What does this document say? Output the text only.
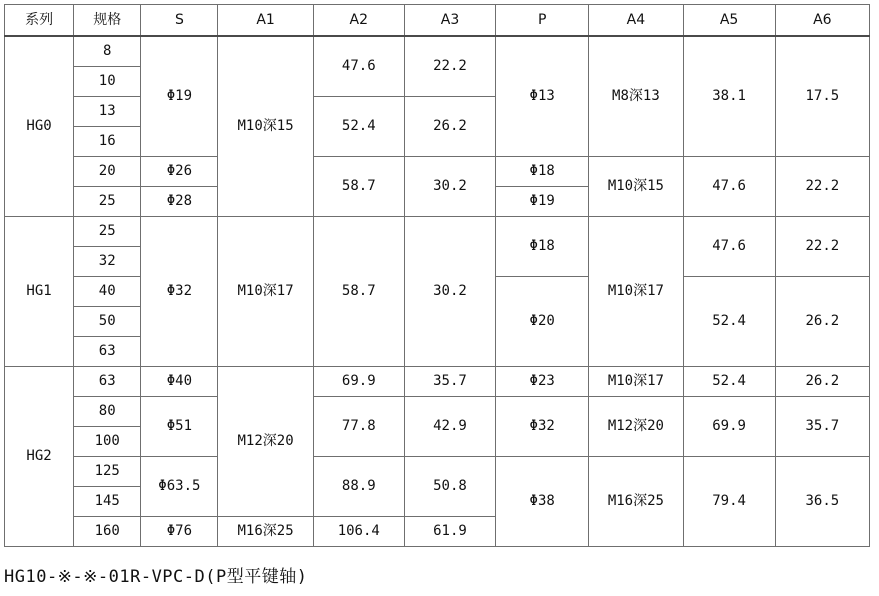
系列	规格	S	A1	A2	A3	P	A4	A5	A6
HG0	8	Φ19	M10深15	47.6	22.2	Φ13	M8深13	38.1	17.5
	10								
	13			52.4	26.2				
	16								
	20	Φ26		58.7	30.2	Φ18	M10深15	47.6	22.2
	25	Φ28				Φ19			
HG1	25	Φ32	M10深17	58.7	30.2	Φ18	M10深17	47.6	22.2
	32								
	40					Φ20		52.4	26.2
	50								
	63								
HG2	63	Φ40	M12深20	69.9	35.7	Φ23	M10深17	52.4	26.2
	80	Φ51		77.8	42.9	Φ32	M12深20	69.9	35.7
	100								
	125	Φ63.5		88.9	50.8	Φ38	M16深25	79.4	36.5
	145								
	160	Φ76	M16深25	106.4	61.9				
HG10-※-※-01R-VPC-D(P型平键轴)
